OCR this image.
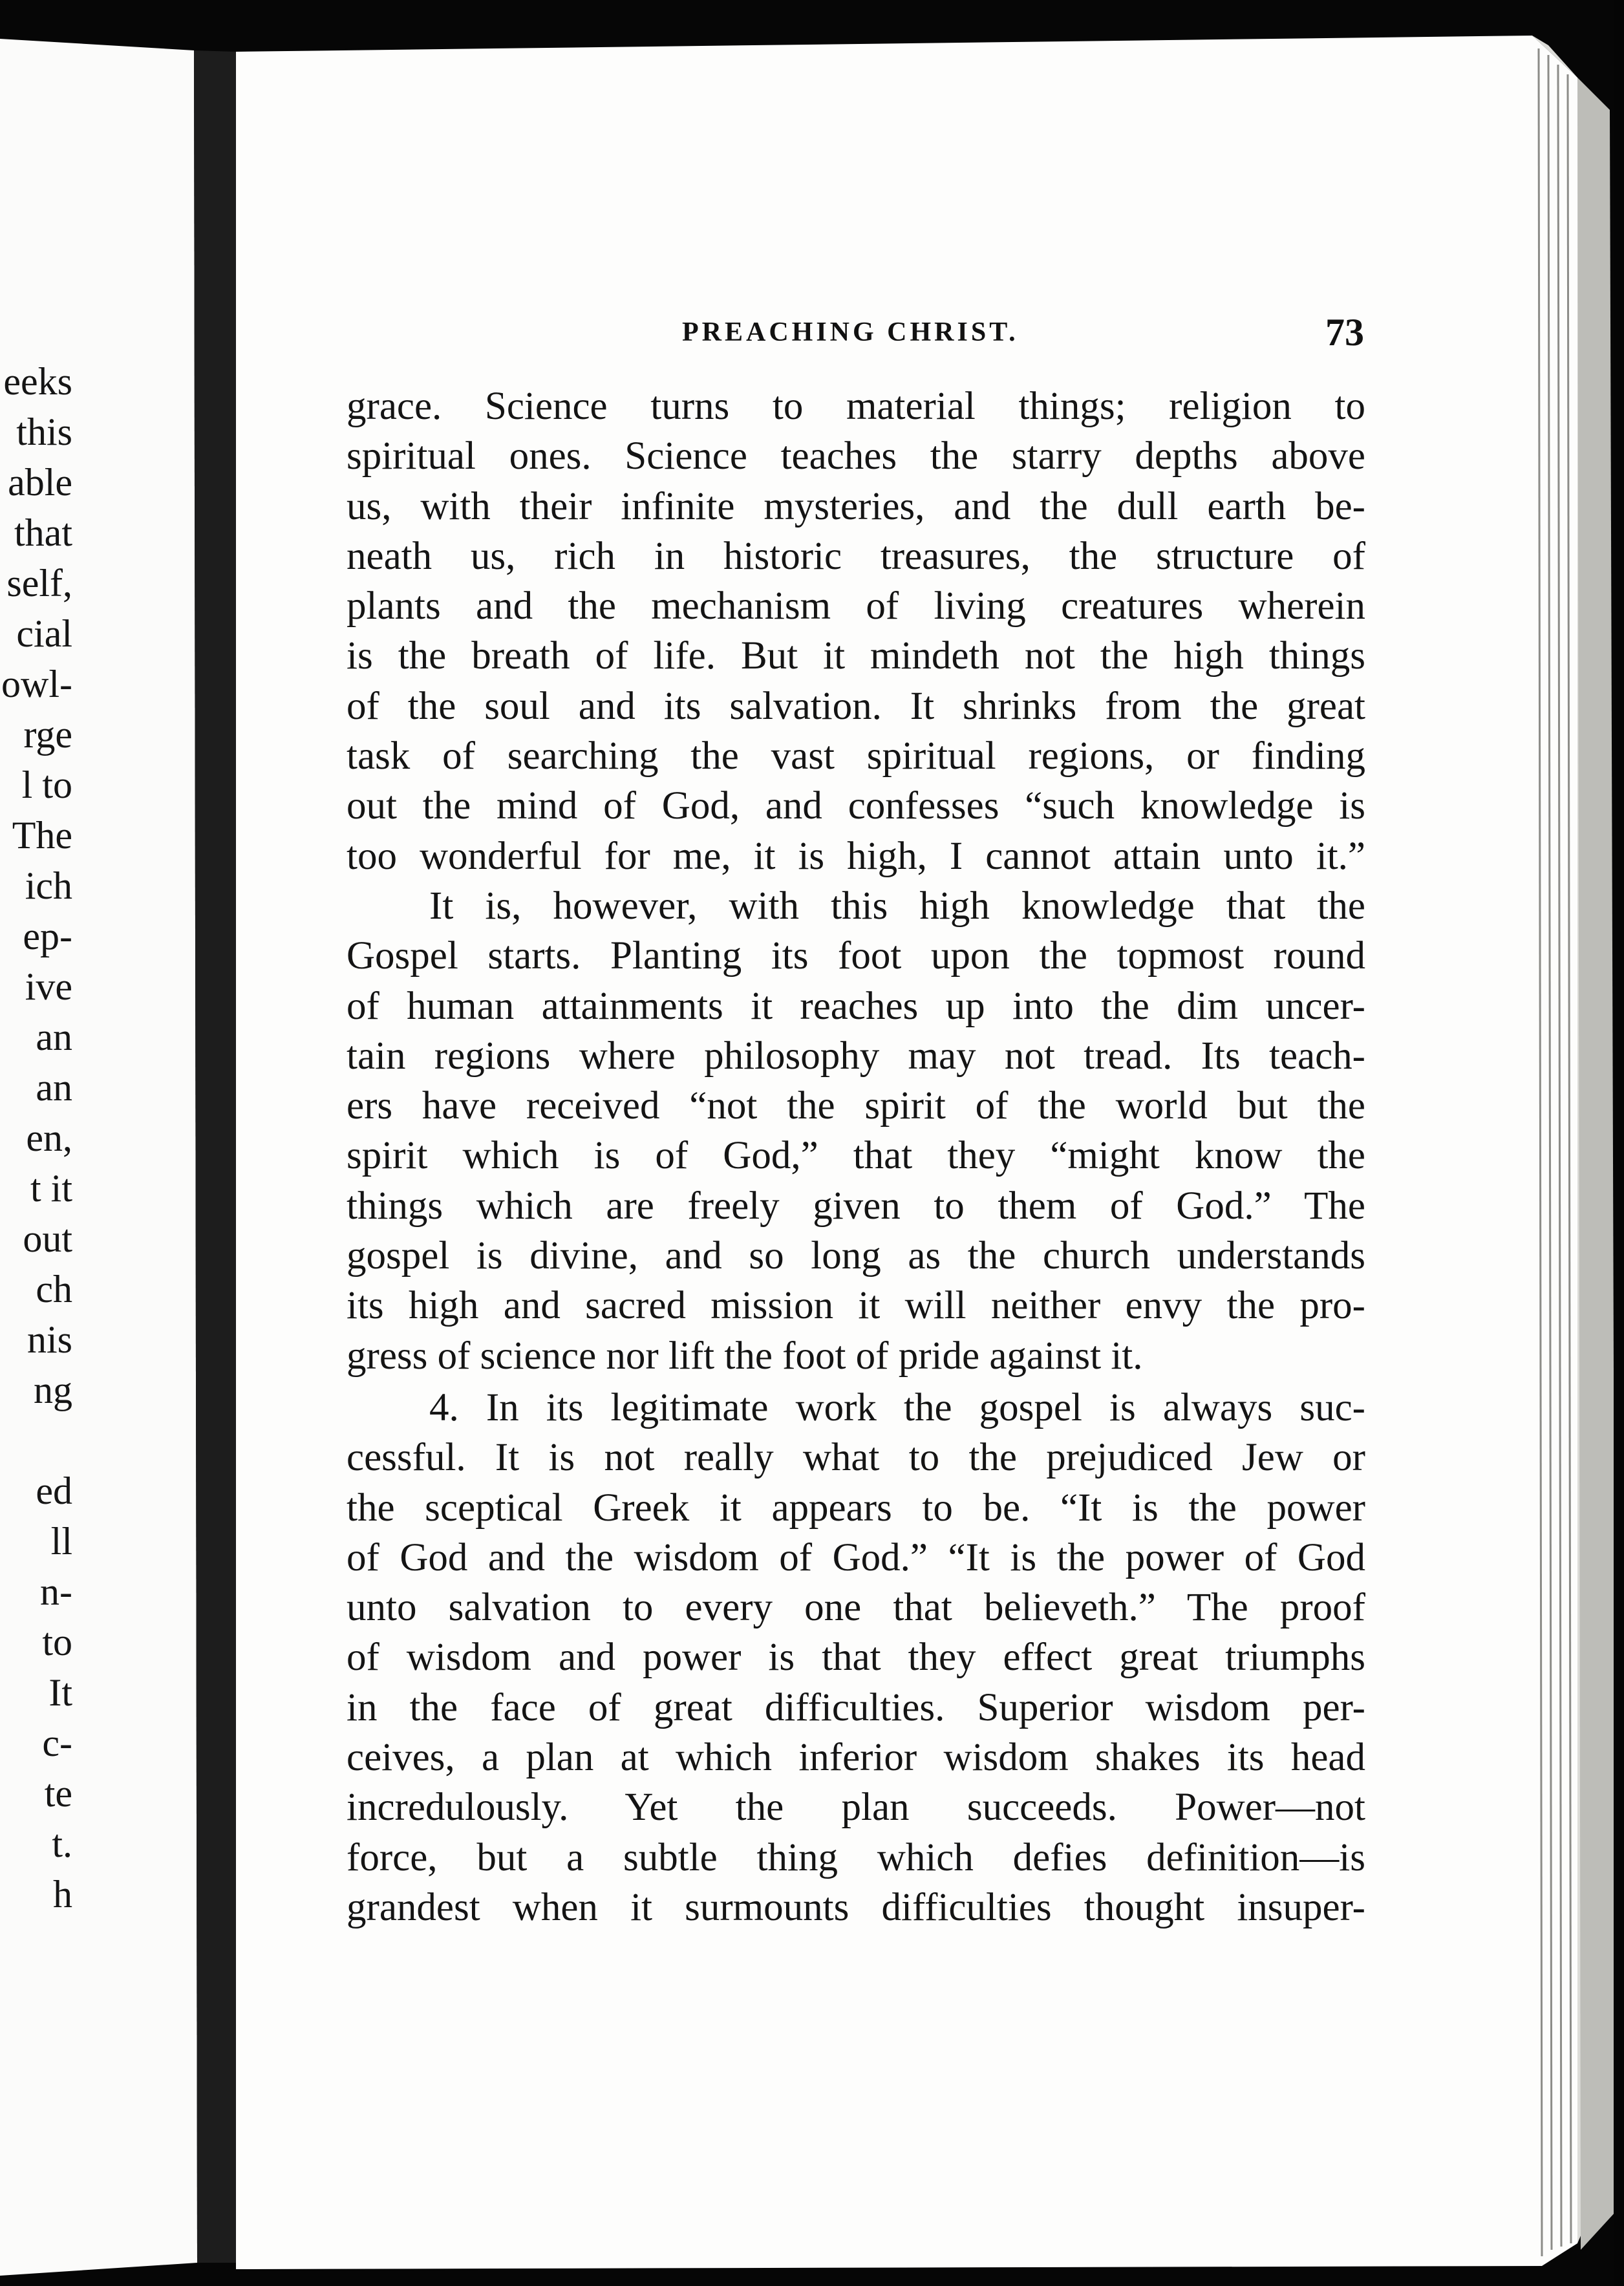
eeks
this
able
that
self,
cial
owl-
rge
l to
The
ich
ep-
ive
an
an
en,
t it
out
ch
nis
ng
ed
ll
n-
to
It
c-
te
t.
h
PREACHING CHRIST.	73
grace. Science turns to material things; religion to
spiritual ones. Science teaches the starry depths above
us, with their infinite mysteries, and the dull earth be-
neath us, rich in historic treasures, the structure of
plants and the mechanism of living creatures wherein
is the breath of life. But it mindeth not the high things
of the soul and its salvation. It shrinks from the great
task of searching the vast spiritual regions, or finding
out the mind of God, and confesses “such knowledge is
too wonderful for me, it is high, I cannot attain unto it.”
It is, however, with this high knowledge that the
Gospel starts. Planting its foot upon the topmost round
of human attainments it reaches up into the dim uncer-
tain regions where philosophy may not tread. Its teach-
ers have received “not the spirit of the world but the
spirit which is of God,” that they “might know the
things which are freely given to them of God.” The
gospel is divine, and so long as the church understands
its high and sacred mission it will neither envy the pro-
gress of science nor lift the foot of pride against it.
4. In its legitimate work the gospel is always suc-
cessful. It is not really what to the prejudiced Jew or
the sceptical Greek it appears to be. “It is the power
of God and the wisdom of God.” “It is the power of God
unto salvation to every one that believeth.” The proof
of wisdom and power is that they effect great triumphs
in the face of great difficulties. Superior wisdom per-
ceives, a plan at which inferior wisdom shakes its head
incredulously. Yet the plan succeeds. Power—not
force, but a subtle thing which defies definition—is
grandest when it surmounts difficulties thought insuper-
